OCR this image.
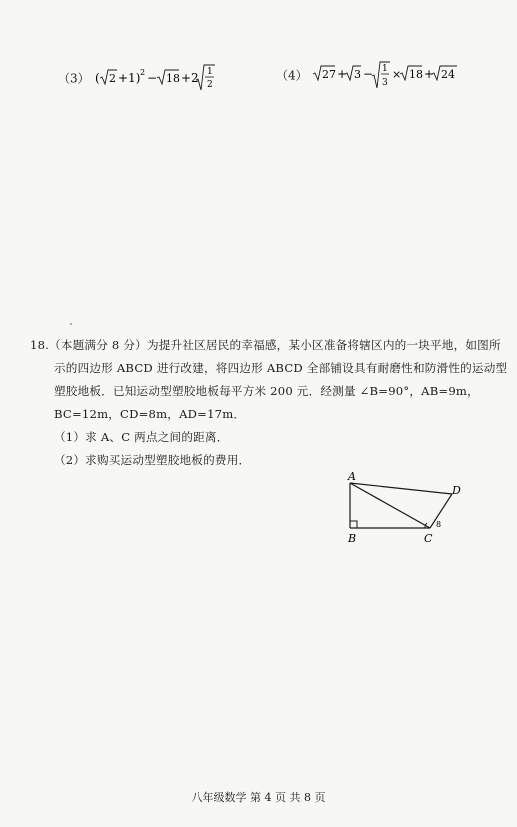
（3） ( 2 +1) 2 − 18 +2 1
2
（4） 27 + 3 − 1
3
× 18 + 24
18.（本题满分 8 分）为提升社区居民的幸福感，某小区准备将辖区内的一块平地，如图所
示的四边形 ABCD 进行改建，将四边形 ABCD 全部铺设具有耐磨性和防滑性的运动型
塑胶地板．已知运动型塑胶地板每平方米 200 元．经测量 ∠B=90°，AB=9m，
BC=12m，CD=8m，AD=17m．
（1）求 A、C 两点之间的距离．
（2）求购买运动型塑胶地板的费用．
A
B	C
D
8
八年级数学 第 4 页 共 8 页
